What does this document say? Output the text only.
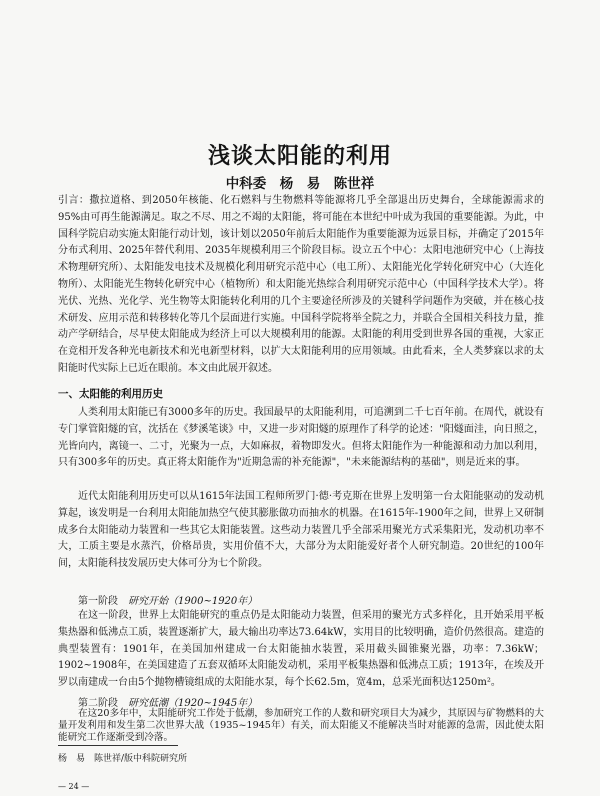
浅谈太阳能的利用
中科委　杨　易　陈世祥

引言：撒拉道格、到2050年核能、化石燃料与生物燃料等能源将几乎全部退出历史舞台，全球能源需求的95%由可再生能源满足。取之不尽、用之不竭的太阳能，将可能在本世纪中叶成为我国的重要能源。为此，中国科学院启动实施太阳能行动计划，该计划以2050年前后太阳能作为重要能源为远景目标，并确定了2015年分布式利用、2025年替代利用、2035年规模利用三个阶段目标。设立五个中心：太阳电池研究中心（上海技术物理研究所）、太阳能发电技术及规模化利用研究示范中心（电工所）、太阳能光化学转化研究中心（大连化物所）、太阳能光生物转化研究中心（植物所）和太阳能光热综合利用研究示范中心（中国科学技术大学）。将光伏、光热、光化学、光生物等太阳能转化利用的几个主要途径所涉及的关键科学问题作为突破，并在核心技术研发、应用示范和转移转化等几个层面进行实施。中国科学院将举全院之力，并联合全国相关科技力量，推动产学研结合，尽早使太阳能成为经济上可以大规模利用的能源。太阳能的利用受到世界各国的重视，大家正在竞相开发各种光电新技术和光电新型材料，以扩大太阳能利用的应用领域。由此看来，全人类梦寐以求的太阳能时代实际上已近在眼前。本文由此展开叙述。

一、太阳能的利用历史

人类利用太阳能已有3000多年的历史。我国最早的太阳能利用，可追溯到二千七百年前。在周代，就设有专门掌管阳燧的官，沈括在《梦溪笔谈》中，又进一步对阳燧的原理作了科学的论述："阳燧面洼，向日照之，光皆向内，离镜一、二寸，光聚为一点，大如麻叔，着物即发火。但将太阳能作为一种能源和动力加以利用，只有300多年的历史。真正将太阳能作为"近期急需的补充能源"，"未来能源结构的基础"，则是近来的事。

近代太阳能利用历史可以从1615年法国工程师所罗门·德·考克斯在世界上发明第一台太阳能驱动的发动机算起，该发明是一台利用太阳能加热空气使其膨胀做功而抽水的机器。在1615年-1900年之间，世界上又研制成多台太阳能动力装置和一些其它太阳能装置。这些动力装置几乎全部采用聚光方式采集阳光，发动机功率不大，工质主要是水蒸汽，价格昂贵，实用价值不大，大部分为太阳能爱好者个人研究制造。20世纪的100年间，太阳能科技发展历史大体可分为七个阶段。

第一阶段 研究开始（1900~1920年）

在这一阶段，世界上太阳能研究的重点仍是太阳能动力装置，但采用的聚光方式多样化，且开始采用平板集热器和低沸点工质，装置逐渐扩大，最大输出功率达73.64kW，实用目的比较明确，造价仍然很高。建造的典型装置有：1901年，在美国加州建成一台太阳能抽水装置，采用截头圆锥聚光器，功率：7.36kW；1902~1908年，在美国建造了五套双循环太阳能发动机，采用平板集热器和低沸点工质；1913年，在埃及开罗以南建成一台由5个抛物槽镜组成的太阳能水泵，每个长62.5m，宽4m，总采光面积达1250m²。

第二阶段 研究低潮（1920~1945年）

在这20多年中，太阳能研究工作处于低潮，参加研究工作的人数和研究项目大为减少，其原因与矿物燃料的大量开发利用和发生第二次世界大战（1935~1945年）有关，而太阳能又不能解决当时对能源的急需，因此使太阳能研究工作逐渐受到冷落。

杨　易　陈世祥/版中科院研究所
— 24 —
